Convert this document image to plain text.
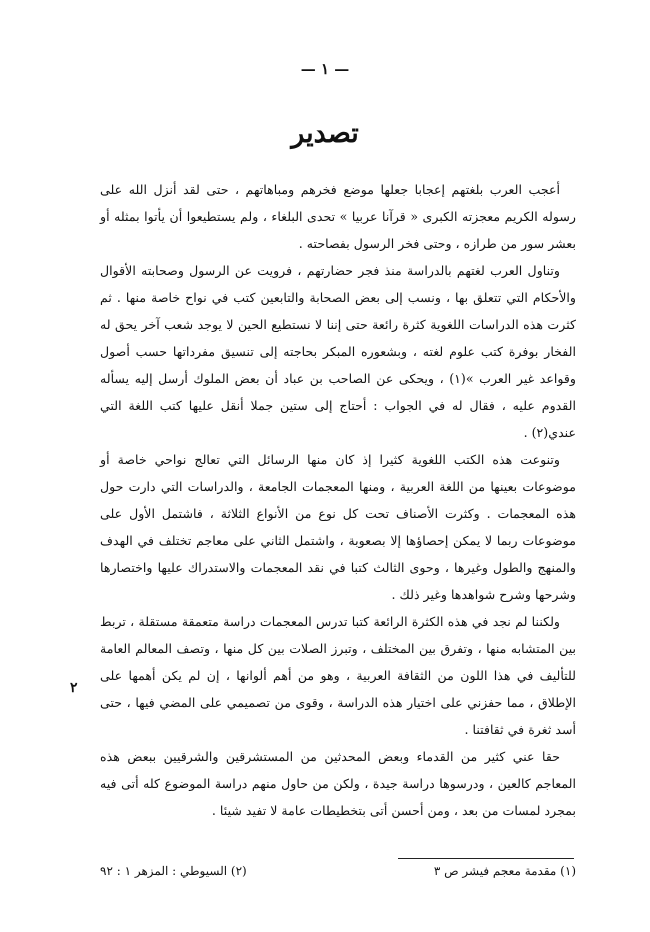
— ١ —
تصدير

أعجب العرب بلغتهم إعجابا جعلها موضع فخرهم ومباهاتهم ، حتى لقد أنزل الله على رسوله الكريم معجزته الكبرى « قرآنا عربيا » تحدى البلغاء ، ولم يستطيعوا أن يأتوا بمثله أو بعشر سور من طرازه ، وحتى فخر الرسول بفصاحته .

وتناول العرب لغتهم بالدراسة منذ فجر حضارتهم ، فرويت عن الرسول وصحابته الأقوال والأحكام التي تتعلق بها ، ونسب إلى بعض الصحابة والتابعين كتب في نواح خاصة منها . ثم كثرت هذه الدراسات اللغوية كثرة رائعة حتى إننا لا نستطيع الحين لا يوجد شعب آخر يحق له الفخار بوفرة كتب علوم لغته ، وبشعوره المبكر بحاجته إلى تنسيق مفرداتها حسب أصول وقواعد غير العرب »(١) ، ويحكى عن الصاحب بن عباد أن بعض الملوك أرسل إليه يسأله القدوم عليه ، فقال له في الجواب : أحتاج إلى ستين جملا أنقل عليها كتب اللغة التي عندي(٢) .

وتنوعت هذه الكتب اللغوية كثيرا إذ كان منها الرسائل التي تعالج نواحي خاصة أو موضوعات بعينها من اللغة العربية ، ومنها المعجمات الجامعة ، والدراسات التي دارت حول هذه المعجمات . وكثرت الأصناف تحت كل نوع من الأنواع الثلاثة ، فاشتمل الأول على موضوعات ربما لا يمكن إحصاؤها إلا بصعوبة ، واشتمل الثاني على معاجم تختلف في الهدف والمنهج والطول وغيرها ، وحوى الثالث كتبا في نقد المعجمات والاستدراك عليها واختصارها وشرحها وشرح شواهدها وغير ذلك .

ولكننا لم نجد في هذه الكثرة الرائعة كتبا تدرس المعجمات دراسة متعمقة مستقلة ، تربط بين المتشابه منها ، وتفرق بين المختلف ، وتبرز الصلات بين كل منها ، وتصف المعالم العامة للتأليف في هذا اللون من الثقافة العربية ، وهو من أهم ألوانها ، إن لم يكن أهمها على الإطلاق ، مما حفزني على اختيار هذه الدراسة ، وقوى من تصميمي على المضي فيها ، حتى أسد ثغرة في ثقافتنا .

حقا عني كثير من القدماء وبعض المحدثين من المستشرقين والشرقيين ببعض هذه المعاجم كالعين ، ودرسوها دراسة جيدة ، ولكن من حاول منهم دراسة الموضوع كله أتى فيه بمجرد لمسات من بعد ، ومن أحسن أتى بتخطيطات عامة لا تفيد شيئا .

٢
(١) مقدمة معجم فيشر ص ٣
(٢) السيوطي : المزهر ١ : ٩٢
